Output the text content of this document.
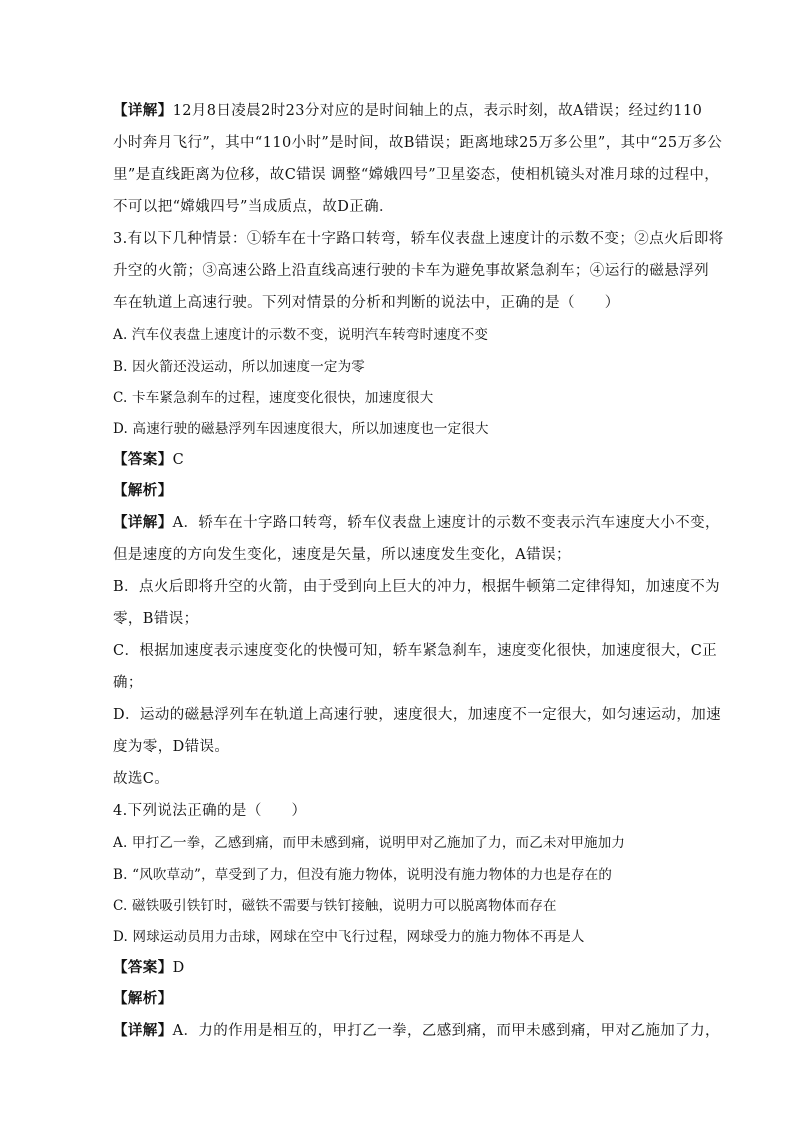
【详解】12月8日凌晨2时23分对应的是时间轴上的点，表示时刻，故A错误；经过约110
小时奔月飞行”，其中“110小时”是时间，故B错误；距离地球25万多公里”，其中“25万多公
里”是直线距离为位移，故C错误 调整“嫦娥四号”卫星姿态，使相机镜头对准月球的过程中，
不可以把“嫦娥四号”当成质点，故D正确．
3.有以下几种情景：①轿车在十字路口转弯，轿车仪表盘上速度计的示数不变；②点火后即将
升空的火箭；③高速公路上沿直线高速行驶的卡车为避免事故紧急刹车；④运行的磁悬浮列
车在轨道上高速行驶。下列对情景的分析和判断的说法中，正确的是（　　）
A. 汽车仪表盘上速度计的示数不变，说明汽车转弯时速度不变
B. 因火箭还没运动，所以加速度一定为零
C. 卡车紧急刹车的过程，速度变化很快，加速度很大
D. 高速行驶的磁悬浮列车因速度很大，所以加速度也一定很大
【答案】C
【解析】
【详解】A．轿车在十字路口转弯，轿车仪表盘上速度计的示数不变表示汽车速度大小不变，
但是速度的方向发生变化，速度是矢量，所以速度发生变化，A错误；
B．点火后即将升空的火箭，由于受到向上巨大的冲力，根据牛顿第二定律得知，加速度不为
零，B错误；
C．根据加速度表示速度变化的快慢可知，轿车紧急刹车，速度变化很快，加速度很大，C正
确；
D．运动的磁悬浮列车在轨道上高速行驶，速度很大，加速度不一定很大，如匀速运动，加速
度为零，D错误。
故选C。
4.下列说法正确的是（　　）
A. 甲打乙一拳，乙感到痛，而甲未感到痛，说明甲对乙施加了力，而乙未对甲施加力
B. “风吹草动”，草受到了力，但没有施力物体，说明没有施力物体的力也是存在的
C. 磁铁吸引铁钉时，磁铁不需要与铁钉接触，说明力可以脱离物体而存在
D. 网球运动员用力击球，网球在空中飞行过程，网球受力的施力物体不再是人
【答案】D
【解析】
【详解】A．力的作用是相互的，甲打乙一拳，乙感到痛，而甲未感到痛，甲对乙施加了力，
